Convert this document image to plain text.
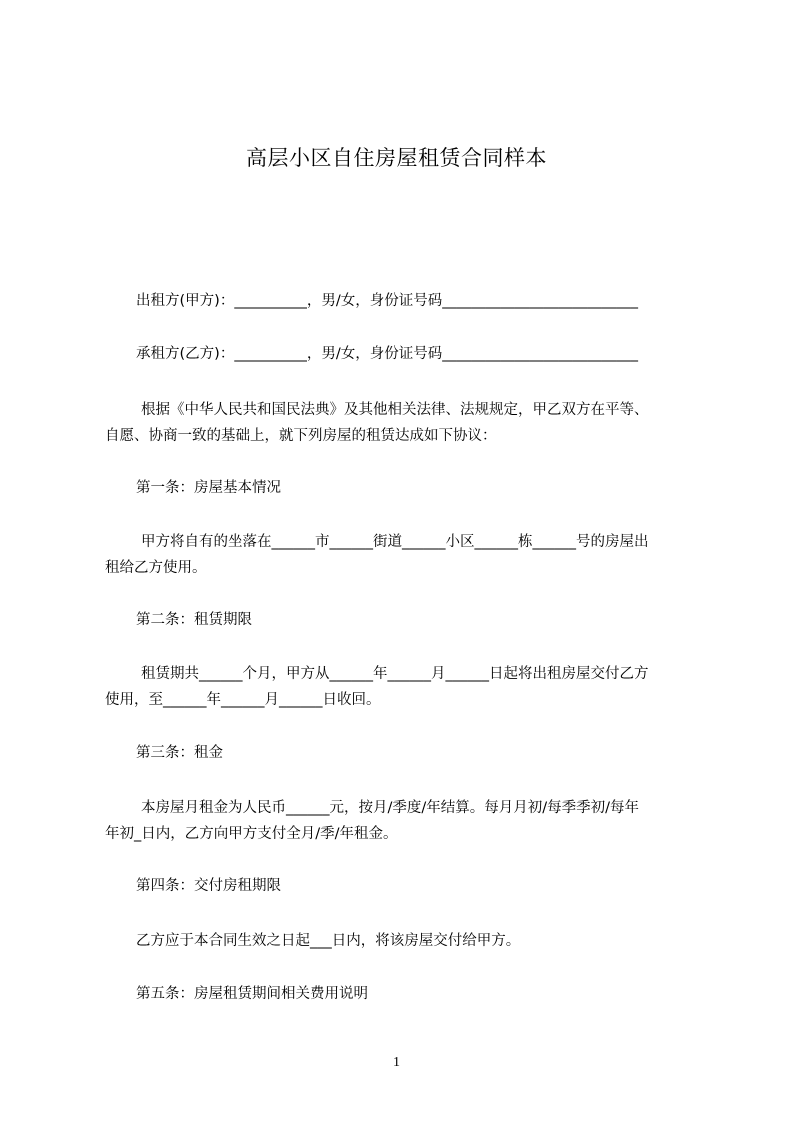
高层小区自住房屋租赁合同样本
出租方(甲方)：__________，男/女，身份证号码___________________________
承租方(乙方)：__________，男/女，身份证号码___________________________
根据《中华人民共和国民法典》及其他相关法律、法规规定，甲乙双方在平等、
自愿、协商一致的基础上，就下列房屋的租赁达成如下协议：
第一条：房屋基本情况
甲方将自有的坐落在______市______街道______小区______栋______号的房屋出
租给乙方使用。
第二条：租赁期限
租赁期共______个月，甲方从______年______月______日起将出租房屋交付乙方
使用，至______年______月______日收回。
第三条：租金
本房屋月租金为人民币______元，按月/季度/年结算。每月月初/每季季初/每年
年初_日内，乙方向甲方支付全月/季/年租金。
第四条：交付房租期限
乙方应于本合同生效之日起___日内，将该房屋交付给甲方。
第五条：房屋租赁期间相关费用说明
1
